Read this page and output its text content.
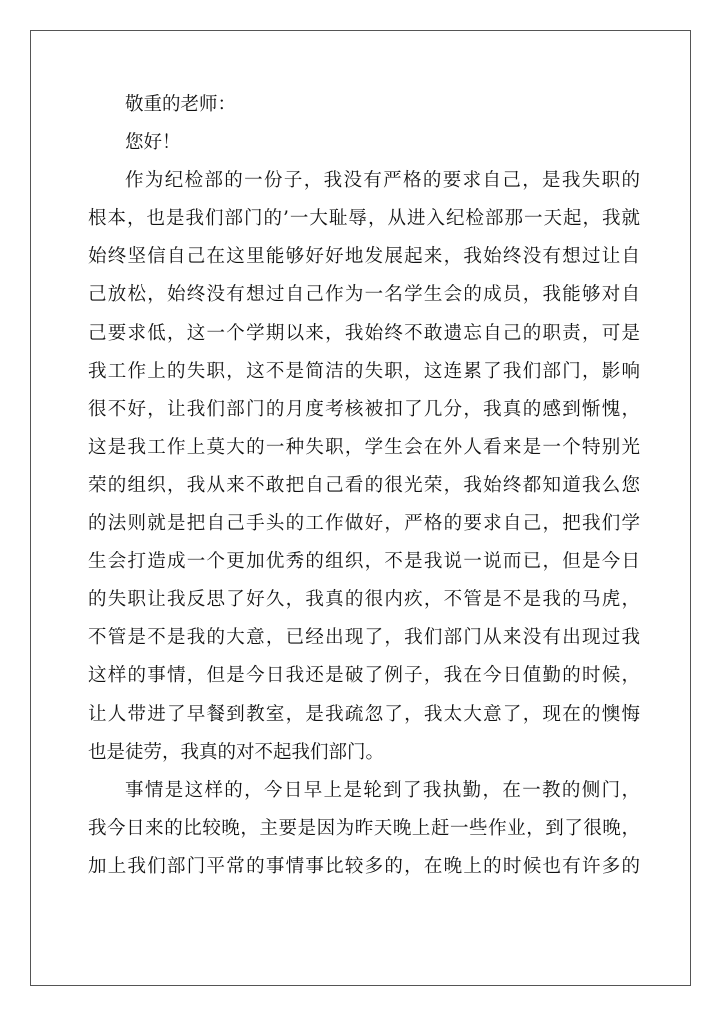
敬重的老师：
您好！
作为纪检部的一份子，我没有严格的要求自己，是我失职的
根本，也是我们部门的’一大耻辱，从进入纪检部那一天起，我就
始终坚信自己在这里能够好好地发展起来，我始终没有想过让自
己放松，始终没有想过自己作为一名学生会的成员，我能够对自
己要求低，这一个学期以来，我始终不敢遗忘自己的职责，可是
我工作上的失职，这不是简洁的失职，这连累了我们部门，影响
很不好，让我们部门的月度考核被扣了几分，我真的感到惭愧，
这是我工作上莫大的一种失职，学生会在外人看来是一个特别光
荣的组织，我从来不敢把自己看的很光荣，我始终都知道我么您
的法则就是把自己手头的工作做好，严格的要求自己，把我们学
生会打造成一个更加优秀的组织，不是我说一说而已，但是今日
的失职让我反思了好久，我真的很内疚，不管是不是我的马虎，
不管是不是我的大意，已经出现了，我们部门从来没有出现过我
这样的事情，但是今日我还是破了例子，我在今日值勤的时候，
让人带进了早餐到教室，是我疏忽了，我太大意了，现在的懊悔
也是徒劳，我真的对不起我们部门。
事情是这样的，今日早上是轮到了我执勤，在一教的侧门，
我今日来的比较晚，主要是因为昨天晚上赶一些作业，到了很晚，
加上我们部门平常的事情事比较多的，在晚上的时候也有许多的
